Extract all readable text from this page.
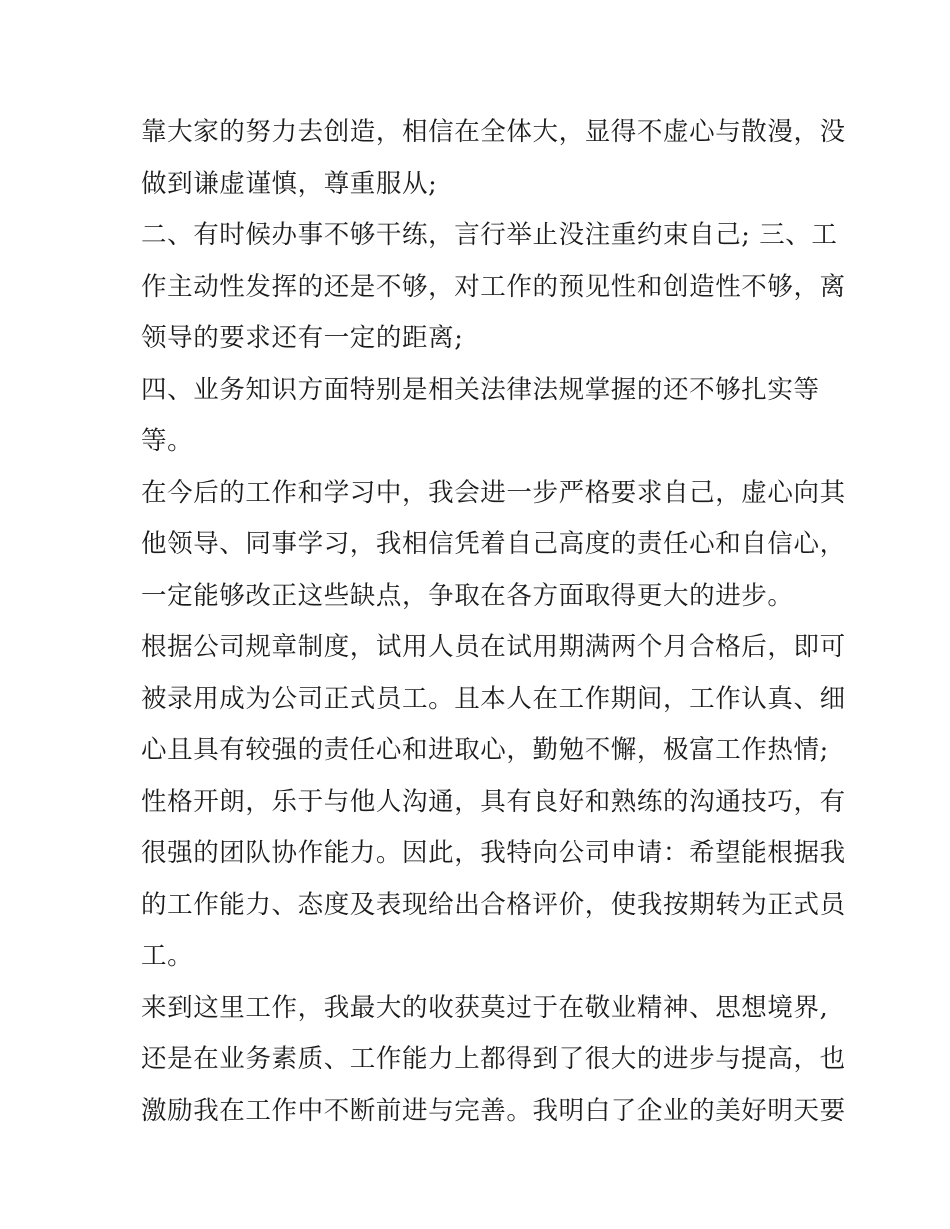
靠大家的努力去创造，相信在全体大，显得不虚心与散漫，没
做到谦虚谨慎，尊重服从;
二、有时候办事不够干练，言行举止没注重约束自己; 三、工
作主动性发挥的还是不够，对工作的预见性和创造性不够，离
领导的要求还有一定的距离;
四、业务知识方面特别是相关法律法规掌握的还不够扎实等
等。
在今后的工作和学习中，我会进一步严格要求自己，虚心向其
他领导、同事学习，我相信凭着自己高度的责任心和自信心，
一定能够改正这些缺点，争取在各方面取得更大的进步。
根据公司规章制度，试用人员在试用期满两个月合格后，即可
被录用成为公司正式员工。且本人在工作期间，工作认真、细
心且具有较强的责任心和进取心，勤勉不懈，极富工作热情;
性格开朗，乐于与他人沟通，具有良好和熟练的沟通技巧，有
很强的团队协作能力。因此，我特向公司申请：希望能根据我
的工作能力、态度及表现给出合格评价，使我按期转为正式员
工。
来到这里工作，我最大的收获莫过于在敬业精神、思想境界,
还是在业务素质、工作能力上都得到了很大的进步与提高，也
激励我在工作中不断前进与完善。我明白了企业的美好明天要
